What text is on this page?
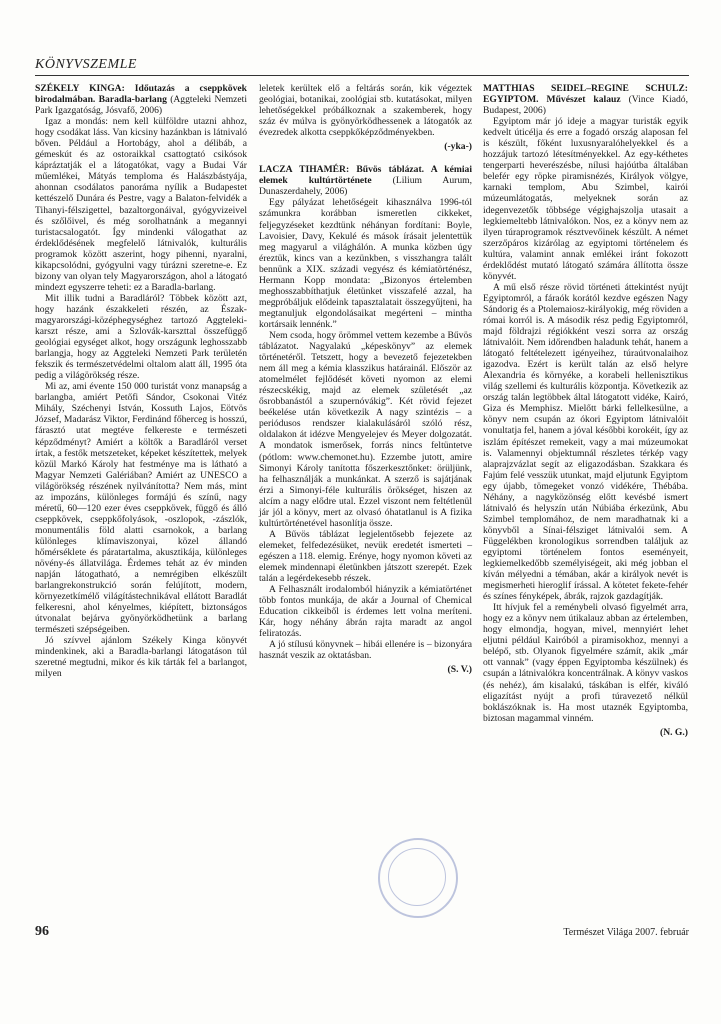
KÖNYVSZEMLE

SZÉKELY KINGA: Időutazás a cseppkövek birodalmában. Baradla-barlang (Aggteleki Nemzeti Park Igazgatóság, Jósvafő, 2006)

Igaz a mondás: nem kell külföldre utazni ahhoz, hogy csodákat láss. Van kicsiny hazánkban is látnivaló bőven. Például a Hortobágy, ahol a délibáb, a gémeskút és az ostoraikkal csattogtató csikósok kápráztatják el a látogatókat, vagy a Budai Vár műemlékei, Mátyás temploma és Halászbástyája, ahonnan csodálatos panoráma nyílik a Budapestet kettészelő Dunára és Pestre, vagy a Balaton-felvidék a Tihanyi-félszigettel, bazaltorgonáival, gyógyvizeivel és szőlőivel, és még sorolhatnánk a megannyi turistacsalogatót. Így mindenki válogathat az érdeklődésének megfelelő látnivalók, kulturális programok között aszerint, hogy pihenni, nyaralni, kikapcsolódni, gyógyulni vagy túrázni szeretne-e. Ez bizony van olyan tely Magyarországon, ahol a látogató mindezt egyszerre teheti: ez a Baradla-barlang.

Mit illik tudni a Baradláról? Többek között azt, hogy hazánk északkeleti részén, az Észak-magyarországi-középhegységhez tartozó Aggteleki-karszt része, ami a Szlovák-karszttal összefüggő geológiai egységet alkot, hogy országunk leghosszabb barlangja, hogy az Aggteleki Nemzeti Park területén fekszik és természetvédelmi oltalom alatt áll, 1995 óta pedig a világörökség része.

Mi az, ami évente 150 000 turistát vonz manapság a barlangba, amiért Petőfi Sándor, Csokonai Vitéz Mihály, Széchenyi István, Kossuth Lajos, Eötvös József, Madarász Viktor, Ferdinánd főherceg is hosszú, fárasztó utat megtéve felkereste e természeti képződményt? Amiért a költők a Baradláról verset írtak, a festők metszeteket, képeket készítettek, melyek közül Markó Károly hat festménye ma is látható a Magyar Nemzeti Galériában? Amiért az UNESCO a világörökség részének nyilvánította? Nem más, mint az impozáns, különleges formájú és színű, nagy méretű, 60—120 ezer éves cseppkövek, függő és álló cseppkövek, cseppkőfolyások, -oszlopok, -zászlók, monumentális föld alatti csarnokok, a barlang különleges klímaviszonyai, közel állandó hőmérséklete és páratartalma, akusztikája, különleges növény-és állatvilága. Érdemes tehát az év minden napján látogatható, a nemrégiben elkészült barlangrekonstrukció során felújított, modern, környezetkímélő világítástechnikával ellátott Baradlát felkeresni, ahol kényelmes, kiépített, biztonságos útvonalat bejárva gyönyörködhetünk a barlang természeti szépségeiben.

Jó szívvel ajánlom Székely Kinga könyvét mindenkinek, aki a Baradla-barlangi látogatáson túl szeretné megtudni, mikor és kik tárták fel a barlangot, milyen

leletek kerültek elő a feltárás során, kik végeztek geológiai, botanikai, zoológiai stb. kutatásokat, milyen lehetőségekkel próbálkoznak a szakemberek, hogy száz év múlva is gyönyörködhessenek a látogatók az évezredek alkotta cseppkőképződményekben.

(-yka-)

LACZA TIHAMÉR: Bűvös táblázat. A kémiai elemek kultúrtörténete (Lilium Aurum, Dunaszerdahely, 2006)

Egy pályázat lehetőségeit kihasználva 1996-tól számunkra korábban ismeretlen cikkeket, feljegyzéseket kezdtünk néhányan fordítani: Boyle, Lavoisier, Davy, Kekulé és mások írásait jelentettük meg magyarul a világhálón. A munka közben úgy éreztük, kincs van a kezünkben, s visszhangra talált bennünk a XIX. századi vegyész és kémiatörténész, Hermann Kopp mondata: „Bizonyos értelemben meghosszabbíthatjuk életünket visszafelé azzal, ha megpróbáljuk elődeink tapasztalatait összegyűjteni, ha megtanuljuk elgondolásaikat megérteni – mintha kortársaik lennénk.”

Nem csoda, hogy örömmel vettem kezembe a Bűvös táblázatot. Nagyalakú „képeskönyv” az elemek történetéről. Tetszett, hogy a bevezető fejezetekben nem áll meg a kémia klasszikus határainál. Először az atomelmélet fejlődését követi nyomon az elemi részecskékig, majd az elemek születését „az ősrobbanástól a szupernóvákig”. Két rövid fejezet beékelése után következik A nagy szintézis – a periódusos rendszer kialakulásáról szóló rész, oldalakon át idézve Mengyelejev és Meyer dolgozatát. A mondatok ismerősek, forrás nincs feltüntetve (pótlom: www.chemonet.hu). Ezzembe jutott, amire Simonyi Károly tanította főszerkesztőnket: örüljünk, ha felhasználják a munkánkat. A szerző is sajátjának érzi a Simonyi-féle kulturális örökséget, hiszen az alcím a nagy elődre utal. Ezzel viszont nem feltétlenül jár jól a könyv, mert az olvasó óhatatlanul is A fizika kultúrtörténetével hasonlítja össze.

A Bűvös táblázat legjelentősebb fejezete az elemeket, felfedezésüket, nevük eredetét ismerteti – egészen a 118. elemig. Erénye, hogy nyomon követi az elemek mindennapi életünkben játszott szerepét. Ezek talán a legérdekesebb részek.

A Felhasznált irodalomból hiányzik a kémiatörténet több fontos munkája, de akár a Journal of Chemical Education cikkeiből is érdemes lett volna meríteni. Kár, hogy néhány ábrán rajta maradt az angol feliratozás.

A jó stílusú könyvnek – hibái ellenére is – bizonyára hasznát veszik az oktatásban.

(S. V.)

MATTHIAS SEIDEL–REGINE SCHULZ: EGYIPTOM. Művészet kalauz (Vince Kiadó, Budapest, 2006)

Egyiptom már jó ideje a magyar turisták egyik kedvelt úticélja és erre a fogadó ország alaposan fel is készült, főként luxusnyaralóhelyekkel és a hozzájuk tartozó létesítményekkel. Az egy-kéthetes tengerparti heverészésbe, nílusi hajóútba általában belefér egy röpke piramisnézés, Királyok völgye, karnaki templom, Abu Szimbel, kairói múzeumlátogatás, melyeknek során az idegenvezetők többsége végighajszolja utasait a legkiemeltebb látnivalókon. Nos, ez a könyv nem az ilyen túraprogramok résztvevőinek készült. A német szerzőpáros kizárólag az egyiptomi történelem és kultúra, valamint annak emlékei iránt fokozott érdeklődést mutató látogató számára állította össze könyvét.

A mű első része rövid történeti áttekintést nyújt Egyiptomról, a fáraók korától kezdve egészen Nagy Sándorig és a Ptolemaiosz-királyokig, még röviden a római korról is. A második rész pedig Egyiptomról, majd földrajzi régiókként veszi sorra az ország látnivalóit. Nem időrendben haladunk tehát, hanem a látogató feltételezett igényeihez, túraútvonalaihoz igazodva. Ezért is került talán az első helyre Alexandria és környéke, a korabeli hellenisztikus világ szellemi és kulturális központja. Következik az ország talán legtöbbek által látogatott vidéke, Kairó, Giza és Memphisz. Mielőtt bárki fellelkesülne, a könyv nem csupán az ókori Egyiptom látnivalóit vonultatja fel, hanem a jóval későbbi korokéit, így az iszlám építészet remekeit, vagy a mai múzeumokat is. Valamennyi objektumnál részletes térkép vagy alaprajzvázlat segít az eligazodásban. Szakkara és Fajúm felé vesszük utunkat, majd eljutunk Egyiptom egy újabb, tömegeket vonzó vidékére, Thébába. Néhány, a nagyközönség előtt kevésbé ismert látnivaló és helyszín után Núbiába érkezünk, Abu Szimbel templomához, de nem maradhatnak ki a könyvből a Sínai-félsziget látnivalói sem. A Függelékben kronologikus sorrendben találjuk az egyiptomi történelem fontos eseményeit, legkiemelkedőbb személyiségeit, aki még jobban el kíván mélyedni a témában, akár a királyok nevét is megismerheti hieroglif írással. A kötetet fekete-fehér és színes fényképek, ábrák, rajzok gazdagítják.

Itt hívjuk fel a reménybeli olvasó figyelmét arra, hogy ez a könyv nem útikalauz abban az értelemben, hogy elmondja, hogyan, mivel, mennyiért lehet eljutni például Kairóból a piramisokhoz, mennyi a belépő, stb. Olyanok figyelmére számít, akik „már ott vannak” (vagy éppen Egyiptomba készülnek) és csupán a látnivalókra koncentrálnak. A könyv vaskos (és nehéz), ám kisalakú, táskában is elfér, kiváló eligazítást nyújt a profi túravezető nélkül boklászóknak is. Ha most utaznék Egyiptomba, biztosan magammal vinném.

(N. G.)

96	Természet Világa 2007. február
